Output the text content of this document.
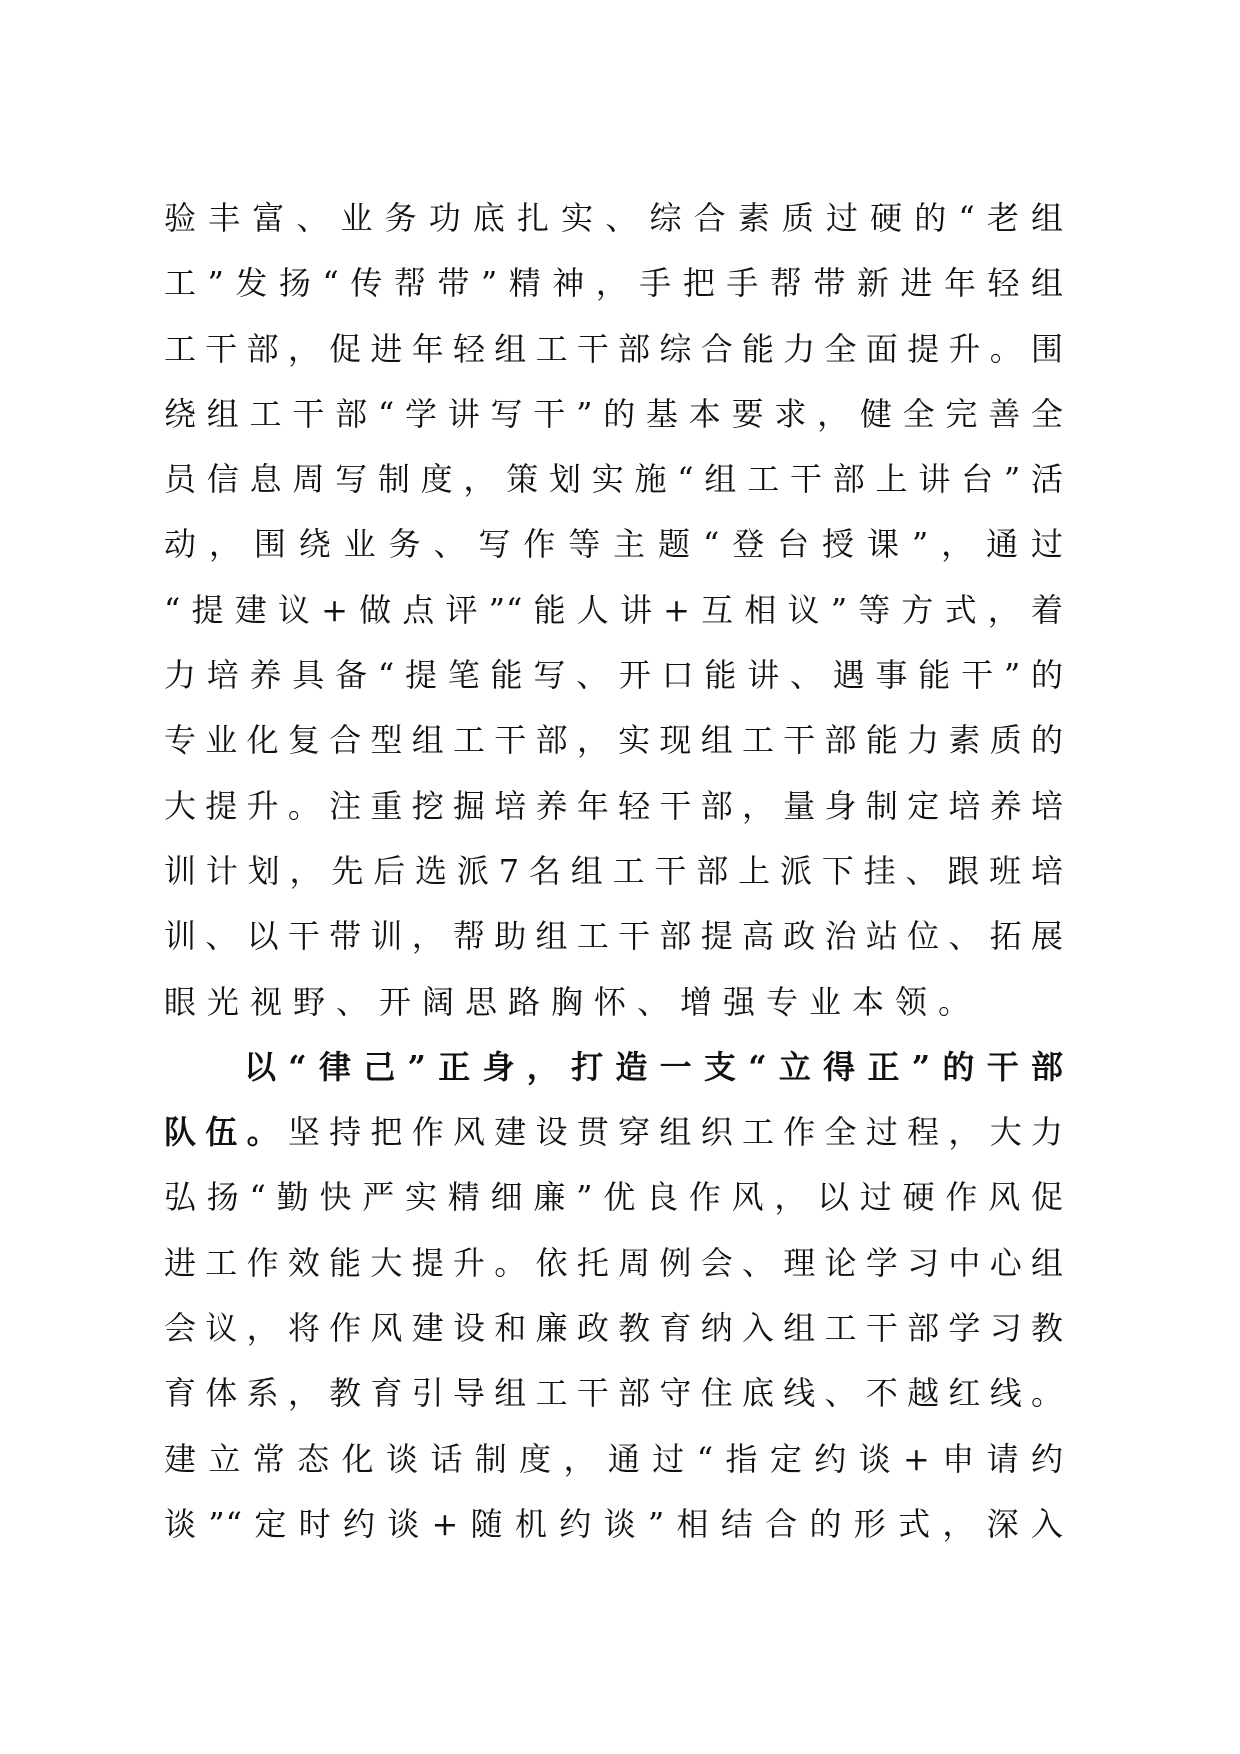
验丰富、业务功底扎实、综合素质过硬的“老组
工”发扬“传帮带”精神，手把手帮带新进年轻组
工干部，促进年轻组工干部综合能力全面提升。围
绕组工干部“学讲写干”的基本要求，健全完善全
员信息周写制度，策划实施“组工干部上讲台”活
动，围绕业务、写作等主题“登台授课”，通过
“提建议+做点评”“能人讲+互相议”等方式，着
力培养具备“提笔能写、开口能讲、遇事能干”的
专业化复合型组工干部，实现组工干部能力素质的
大提升。注重挖掘培养年轻干部，量身制定培养培
训计划，先后选派7名组工干部上派下挂、跟班培
训、以干带训，帮助组工干部提高政治站位、拓展
眼光视野、开阔思路胸怀、增强专业本领。
以“律己”正身，打造一支“立得正”的干部
队伍。坚持把作风建设贯穿组织工作全过程，大力
弘扬“勤快严实精细廉”优良作风，以过硬作风促
进工作效能大提升。依托周例会、理论学习中心组
会议，将作风建设和廉政教育纳入组工干部学习教
育体系，教育引导组工干部守住底线、不越红线。
建立常态化谈话制度，通过“指定约谈+申请约
谈”“定时约谈+随机约谈”相结合的形式，深入
